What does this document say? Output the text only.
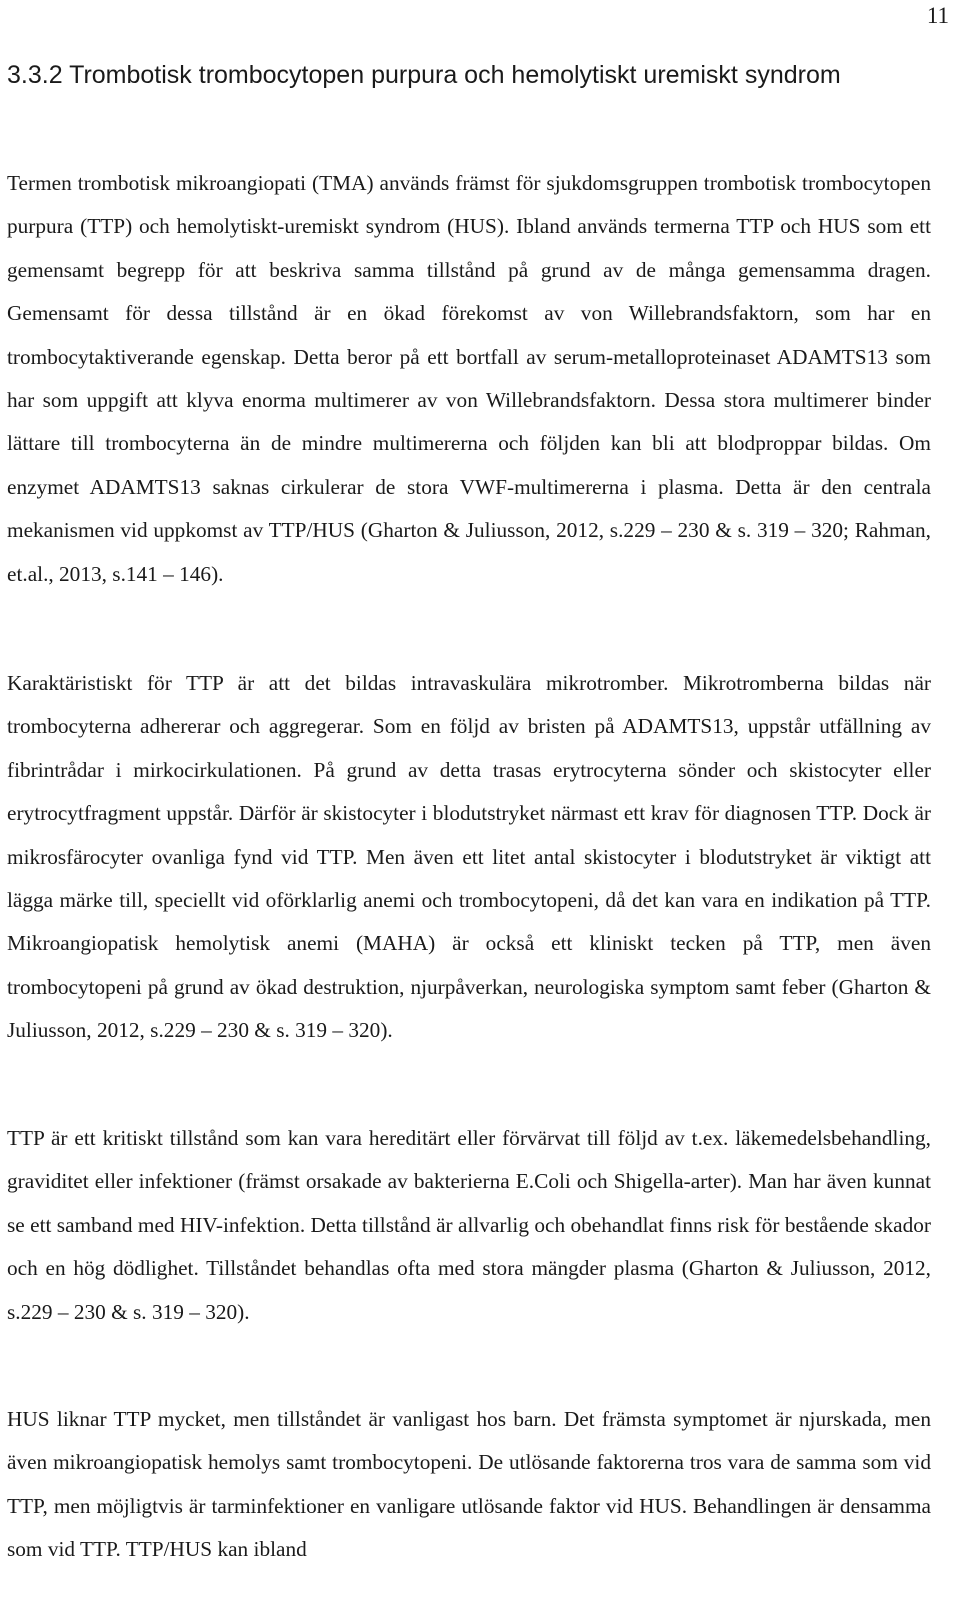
11
3.3.2 Trombotisk trombocytopen purpura och hemolytiskt uremiskt syndrom

Termen trombotisk mikroangiopati (TMA) används främst för sjukdomsgruppen trombotisk trombocytopen purpura (TTP) och hemolytiskt-uremiskt syndrom (HUS). Ibland används termerna TTP och HUS som ett gemensamt begrepp för att beskriva samma tillstånd på grund av de många gemensamma dragen. Gemensamt för dessa tillstånd är en ökad förekomst av von Willebrandsfaktorn, som har en trombocytaktiverande egenskap. Detta beror på ett bortfall av serum-metalloproteinaset ADAMTS13 som har som uppgift att klyva enorma multimerer av von Willebrandsfaktorn. Dessa stora multimerer binder lättare till trombocyterna än de mindre multimererna och följden kan bli att blodproppar bildas. Om enzymet ADAMTS13 saknas cirkulerar de stora VWF-multimererna i plasma. Detta är den centrala mekanismen vid uppkomst av TTP/HUS (Gharton & Juliusson, 2012, s.229 – 230 & s. 319 – 320; Rahman, et.al., 2013, s.141 – 146).

Karaktäristiskt för TTP är att det bildas intravaskulära mikrotromber. Mikrotromberna bildas när trombocyterna adhererar och aggregerar. Som en följd av bristen på ADAMTS13, uppstår utfällning av fibrintrådar i mirkocirkulationen. På grund av detta trasas erytrocyterna sönder och skistocyter eller erytrocytfragment uppstår. Därför är skistocyter i blodutstryket närmast ett krav för diagnosen TTP. Dock är mikrosfärocyter ovanliga fynd vid TTP. Men även ett litet antal skistocyter i blodutstryket är viktigt att lägga märke till, speciellt vid oförklarlig anemi och trombocytopeni, då det kan vara en indikation på TTP. Mikroangiopatisk hemolytisk anemi (MAHA) är också ett kliniskt tecken på TTP, men även trombocytopeni på grund av ökad destruktion, njurpåverkan, neurologiska symptom samt feber (Gharton & Juliusson, 2012, s.229 – 230 & s. 319 – 320).

TTP är ett kritiskt tillstånd som kan vara hereditärt eller förvärvat till följd av t.ex. läkemedelsbehandling, graviditet eller infektioner (främst orsakade av bakterierna E.Coli och Shigella-arter). Man har även kunnat se ett samband med HIV-infektion. Detta tillstånd är allvarlig och obehandlat finns risk för bestående skador och en hög dödlighet. Tillståndet behandlas ofta med stora mängder plasma (Gharton & Juliusson, 2012, s.229 – 230 & s. 319 – 320).

HUS liknar TTP mycket, men tillståndet är vanligast hos barn. Det främsta symptomet är njurskada, men även mikroangiopatisk hemolys samt trombocytopeni. De utlösande faktorerna tros vara de samma som vid TTP, men möjligtvis är tarminfektioner en vanligare utlösande faktor vid HUS. Behandlingen är densamma som vid TTP. TTP/HUS kan ibland
